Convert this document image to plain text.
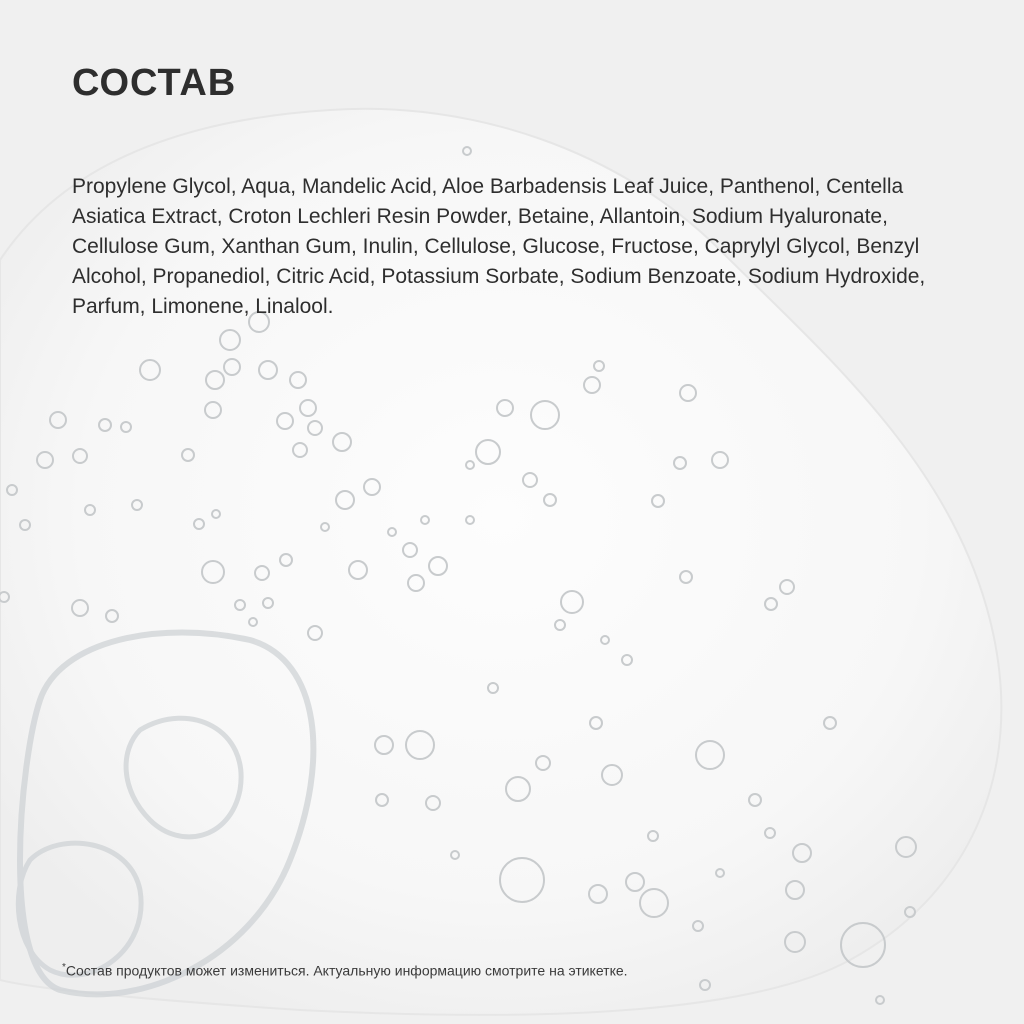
СОСТАВ

Propylene Glycol, Aqua, Mandelic Acid, Aloe Barbadensis Leaf Juice, Panthenol, Centella Asiatica Extract, Croton Lechleri Resin Powder, Betaine, Allantoin, Sodium Hyaluronate, Cellulose Gum, Xanthan Gum, Inulin, Cellulose, Glucose, Fructose, Caprylyl Glycol, Benzyl Alcohol, Propanediol, Citric Acid, Potassium Sorbate, Sodium Benzoate, Sodium Hydroxide, Parfum, Limonene, Linalool.

*Состав продуктов может измениться. Актуальную информацию смотрите на этикетке.
